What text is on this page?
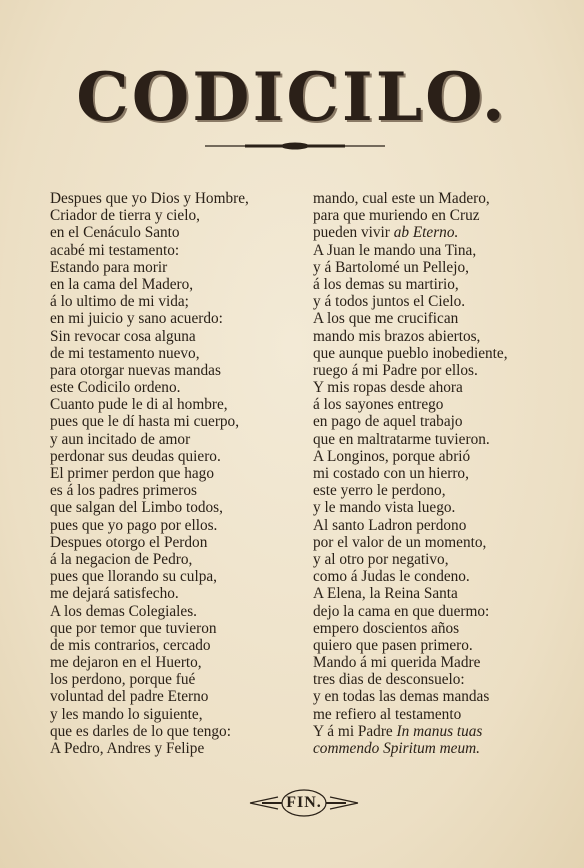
CODICILO.
Despues que yo Dios y Hombre,
Criador de tierra y cielo,
en el Cenáculo Santo
acabé mi testamento:
Estando para morir
en la cama del Madero,
á lo ultimo de mi vida;
en mi juicio y sano acuerdo:
Sin revocar cosa alguna
de mi testamento nuevo,
para otorgar nuevas mandas
este Codicilo ordeno.
Cuanto pude le di al hombre,
pues que le dí hasta mi cuerpo,
y aun incitado de amor
perdonar sus deudas quiero.
El primer perdon que hago
es á los padres primeros
que salgan del Limbo todos,
pues que yo pago por ellos.
Despues otorgo el Perdon
á la negacion de Pedro,
pues que llorando su culpa,
me dejará satisfecho.
A los demas Colegiales.
que por temor que tuvieron
de mis contrarios, cercado
me dejaron en el Huerto,
los perdono, porque fué
voluntad del padre Eterno
y les mando lo siguiente,
que es darles de lo que tengo:
A Pedro, Andres y Felipe
mando, cual este un Madero,
para que muriendo en Cruz
pueden vivir ab Eterno.
A Juan le mando una Tina,
y á Bartolomé un Pellejo,
á los demas su martirio,
y á todos juntos el Cielo.
A los que me crucifican
mando mis brazos abiertos,
que aunque pueblo inobediente,
ruego á mi Padre por ellos.
Y mis ropas desde ahora
á los sayones entrego
en pago de aquel trabajo
que en maltratarme tuvieron.
A Longinos, porque abrió
mi costado con un hierro,
este yerro le perdono,
y le mando vista luego.
Al santo Ladron perdono
por el valor de un momento,
y al otro por negativo,
como á Judas le condeno.
A Elena, la Reina Santa
dejo la cama en que duermo:
empero doscientos años
quiero que pasen primero.
Mando á mi querida Madre
tres dias de desconsuelo:
y en todas las demas mandas
me refiero al testamento
Y á mi Padre In manus tuas
commendo Spiritum meum.
FIN.
